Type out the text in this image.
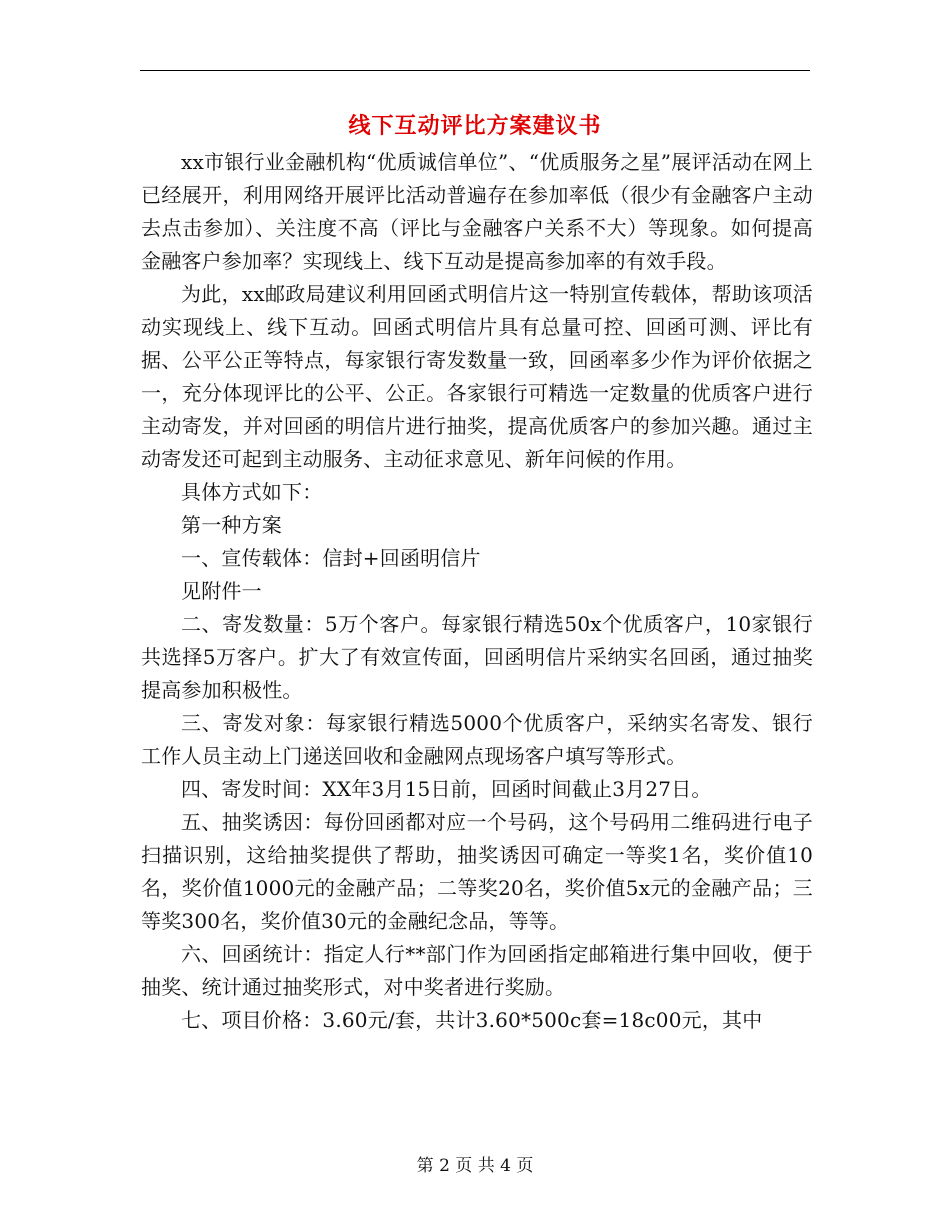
线下互动评比方案建议书

xx市银行业金融机构“优质诚信单位”、“优质服务之星”展评活动在网上已经展开，利用网络开展评比活动普遍存在参加率低（很少有金融客户主动去点击参加）、关注度不高（评比与金融客户关系不大）等现象。如何提高金融客户参加率？实现线上、线下互动是提高参加率的有效手段。

为此，xx邮政局建议利用回函式明信片这一特别宣传载体，帮助该项活动实现线上、线下互动。回函式明信片具有总量可控、回函可测、评比有据、公平公正等特点，每家银行寄发数量一致，回函率多少作为评价依据之一，充分体现评比的公平、公正。各家银行可精选一定数量的优质客户进行主动寄发，并对回函的明信片进行抽奖，提高优质客户的参加兴趣。通过主动寄发还可起到主动服务、主动征求意见、新年问候的作用。

具体方式如下：

第一种方案

一、宣传载体：信封+回函明信片

见附件一

二、寄发数量：5万个客户。每家银行精选50x个优质客户，10家银行共选择5万客户。扩大了有效宣传面，回函明信片采纳实名回函，通过抽奖提高参加积极性。

三、寄发对象：每家银行精选5000个优质客户，采纳实名寄发、银行工作人员主动上门递送回收和金融网点现场客户填写等形式。

四、寄发时间：XX年3月15日前，回函时间截止3月27日。

五、抽奖诱因：每份回函都对应一个号码，这个号码用二维码进行电子扫描识别，这给抽奖提供了帮助，抽奖诱因可确定一等奖1名，奖价值10名，奖价值1000元的金融产品；二等奖20名，奖价值5x元的金融产品；三等奖300名，奖价值30元的金融纪念品，等等。

六、回函统计：指定人行**部门作为回函指定邮箱进行集中回收，便于抽奖、统计通过抽奖形式，对中奖者进行奖励。

七、项目价格：3.60元/套，共计3.60*500c套=18c00元，其中

第 2 页 共 4 页
